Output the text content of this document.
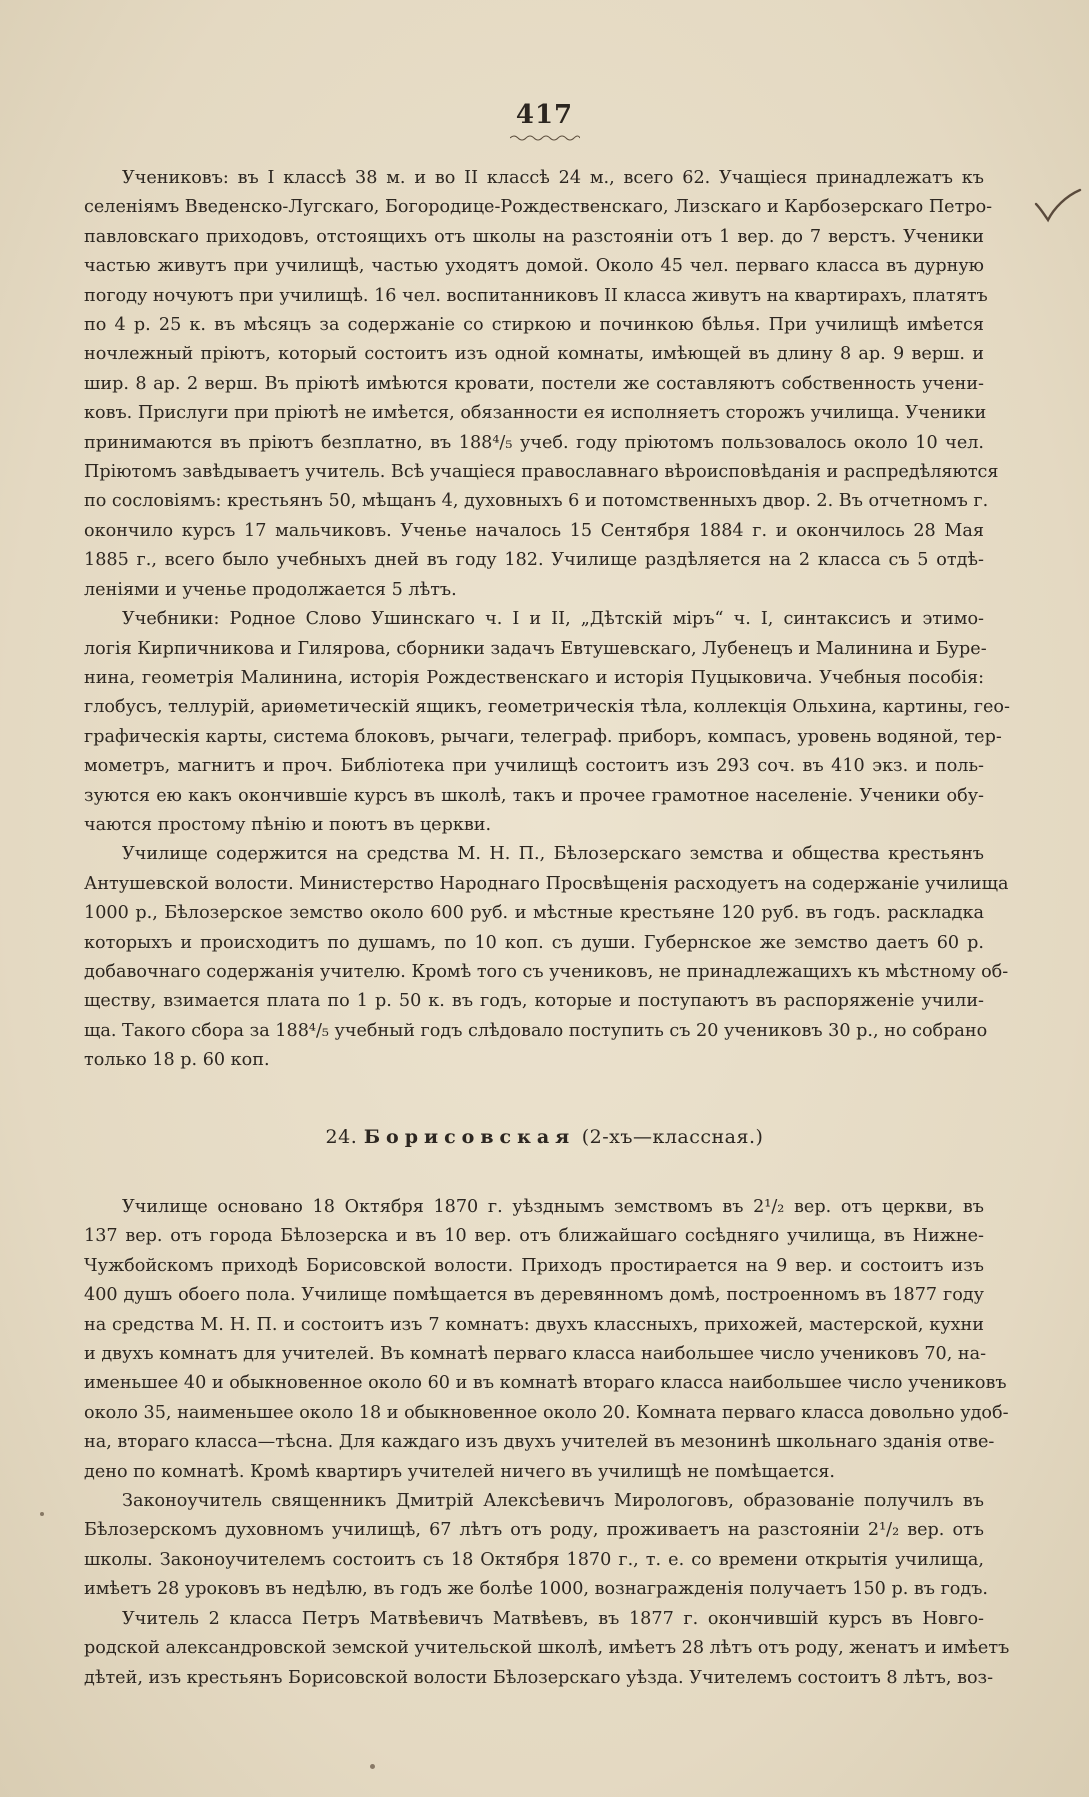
417

Учениковъ: въ I классѣ 38 м. и во II классѣ 24 м., всего 62. Учащіеся принадлежатъ къ
селеніямъ Введенско-Лугскаго, Богородице-Рождественскаго, Лизскаго и Карбозерскаго Петро-
павловскаго приходовъ, отстоящихъ отъ школы на разстояніи отъ 1 вер. до 7 верстъ. Ученики
частью живутъ при училищѣ, частью уходятъ домой. Около 45 чел. перваго класса въ дурную
погоду ночуютъ при училищѣ. 16 чел. воспитанниковъ II класса живутъ на квартирахъ, платятъ
по 4 р. 25 к. въ мѣсяцъ за содержаніе со стиркою и починкою бѣлья. При училищѣ имѣется
ночлежный пріютъ, который состоитъ изъ одной комнаты, имѣющей въ длину 8 ар. 9 верш. и
шир. 8 ар. 2 верш. Въ пріютѣ имѣются кровати, постели же составляютъ собственность учени-
ковъ. Прислуги при пріютѣ не имѣется, обязанности ея исполняетъ сторожъ училища. Ученики
принимаются въ пріютъ безплатно, въ 188⁴/₅ учеб. году пріютомъ пользовалось около 10 чел.
Пріютомъ завѣдываетъ учитель. Всѣ учащіеся православнаго вѣроисповѣданія и распредѣляются
по сословіямъ: крестьянъ 50, мѣщанъ 4, духовныхъ 6 и потомственныхъ двор. 2. Въ отчетномъ г.
окончило курсъ 17 мальчиковъ. Ученье началось 15 Сентября 1884 г. и окончилось 28 Мая
1885 г., всего было учебныхъ дней въ году 182. Училище раздѣляется на 2 класса съ 5 отдѣ-
леніями и ученье продолжается 5 лѣтъ.

Учебники: Родное Слово Ушинскаго ч. I и II, „Дѣтскій міръ“ ч. I, синтаксисъ и этимо-
логія Кирпичникова и Гилярова, сборники задачъ Евтушевскаго, Лубенецъ и Малинина и Буре-
нина, геометрія Малинина, исторія Рождественскаго и исторія Пуцыковича. Учебныя пособія:
глобусъ, теллурій, ариѳметическій ящикъ, геометрическія тѣла, коллекція Ольхина, картины, гео-
графическія карты, система блоковъ, рычаги, телеграф. приборъ, компасъ, уровень водяной, тер-
мометръ, магнитъ и проч. Библіотека при училищѣ состоитъ изъ 293 соч. въ 410 экз. и поль-
зуются ею какъ окончившіе курсъ въ школѣ, такъ и прочее грамотное населеніе. Ученики обу-
чаются простому пѣнію и поютъ въ церкви.

Училище содержится на средства М. Н. П., Бѣлозерскаго земства и общества крестьянъ
Антушевской волости. Министерство Народнаго Просвѣщенія расходуетъ на содержаніе училища
1000 р., Бѣлозерское земство около 600 руб. и мѣстные крестьяне 120 руб. въ годъ. раскладка
которыхъ и происходитъ по душамъ, по 10 коп. съ души. Губернское же земство даетъ 60 р.
добавочнаго содержанія учителю. Кромѣ того съ учениковъ, не принадлежащихъ къ мѣстному об-
ществу, взимается плата по 1 р. 50 к. въ годъ, которые и поступаютъ въ распоряженіе учили-
ща. Такого сбора за 188⁴/₅ учебный годъ слѣдовало поступить съ 20 учениковъ 30 р., но собрано
только 18 р. 60 коп.

24. Борисовская (2-хъ—классная.)

Училище основано 18 Октября 1870 г. уѣзднымъ земствомъ въ 2¹/₂ вер. отъ церкви, въ
137 вер. отъ города Бѣлозерска и въ 10 вер. отъ ближайшаго сосѣдняго училища, въ Нижне-
Чужбойскомъ приходѣ Борисовской волости. Приходъ простирается на 9 вер. и состоитъ изъ
400 душъ обоего пола. Училище помѣщается въ деревянномъ домѣ, построенномъ въ 1877 году
на средства М. Н. П. и состоитъ изъ 7 комнатъ: двухъ классныхъ, прихожей, мастерской, кухни
и двухъ комнатъ для учителей. Въ комнатѣ перваго класса наибольшее число учениковъ 70, на-
именьшее 40 и обыкновенное около 60 и въ комнатѣ втораго класса наибольшее число учениковъ
около 35, наименьшее около 18 и обыкновенное около 20. Комната перваго класса довольно удоб-
на, втораго класса—тѣсна. Для каждаго изъ двухъ учителей въ мезонинѣ школьнаго зданія отве-
дено по комнатѣ. Кромѣ квартиръ учителей ничего въ училищѣ не помѣщается.

Законоучитель священникъ Дмитрій Алексѣевичъ Мирологовъ, образованіе получилъ въ
Бѣлозерскомъ духовномъ училищѣ, 67 лѣтъ отъ роду, проживаетъ на разстояніи 2¹/₂ вер. отъ
школы. Законоучителемъ состоитъ съ 18 Октября 1870 г., т. е. со времени открытія училища,
имѣетъ 28 уроковъ въ недѣлю, въ годъ же болѣе 1000, вознагражденія получаетъ 150 р. въ годъ.

Учитель 2 класса Петръ Матвѣевичъ Матвѣевъ, въ 1877 г. окончившій курсъ въ Новго-
родской александровской земской учительской школѣ, имѣетъ 28 лѣтъ отъ роду, женатъ и имѣетъ
дѣтей, изъ крестьянъ Борисовской волости Бѣлозерскаго уѣзда. Учителемъ состоитъ 8 лѣтъ, воз-
